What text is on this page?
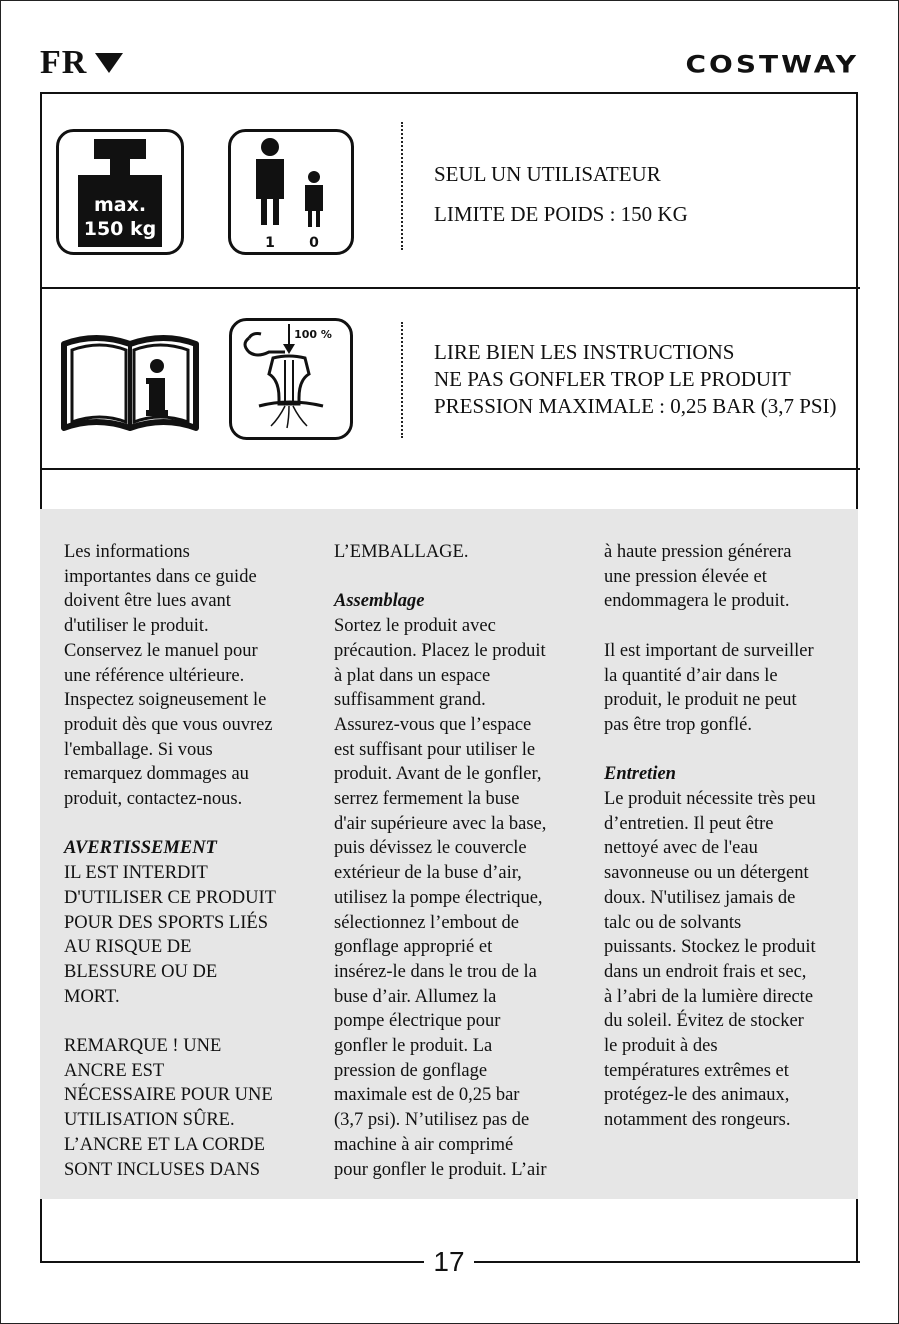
FR	COSTWAY
max.
150 kg
1 0
SEUL UN UTILISATEUR
LIMITE DE POIDS : 150 KG
100 %
LIRE BIEN LES INSTRUCTIONS
NE PAS GONFLER TROP LE PRODUIT
PRESSION MAXIMALE : 0,25 BAR (3,7 PSI)

Les informations

importantes dans ce guide

doivent être lues avant

d'utiliser le produit.

Conservez le manuel pour

une référence ultérieure.

Inspectez soigneusement le

produit dès que vous ouvrez

l'emballage. Si vous

remarquez dommages au

produit, contactez-nous.

AVERTISSEMENT

IL EST INTERDIT

D'UTILISER CE PRODUIT

POUR DES SPORTS LIÉS

AU RISQUE DE

BLESSURE OU DE

MORT.

REMARQUE ! UNE

ANCRE EST

NÉCESSAIRE POUR UNE

UTILISATION SÛRE.

L’ANCRE ET LA CORDE

SONT INCLUSES DANS

L’EMBALLAGE.

Assemblage

Sortez le produit avec

précaution. Placez le produit

à plat dans un espace

suffisamment grand.

Assurez-vous que l’espace

est suffisant pour utiliser le

produit. Avant de le gonfler,

serrez fermement la buse

d'air supérieure avec la base,

puis dévissez le couvercle

extérieur de la buse d’air,

utilisez la pompe électrique,

sélectionnez l’embout de

gonflage approprié et

insérez-le dans le trou de la

buse d’air. Allumez la

pompe électrique pour

gonfler le produit. La

pression de gonflage

maximale est de 0,25 bar

(3,7 psi). N’utilisez pas de

machine à air comprimé

pour gonfler le produit. L’air

à haute pression générera

une pression élevée et

endommagera le produit.

Il est important de surveiller

la quantité d’air dans le

produit, le produit ne peut

pas être trop gonflé.

Entretien

Le produit nécessite très peu

d’entretien. Il peut être

nettoyé avec de l'eau

savonneuse ou un détergent

doux. N'utilisez jamais de

talc ou de solvants

puissants. Stockez le produit

dans un endroit frais et sec,

à l’abri de la lumière directe

du soleil. Évitez de stocker

le produit à des

températures extrêmes et

protégez-le des animaux,

notamment des rongeurs.

17
